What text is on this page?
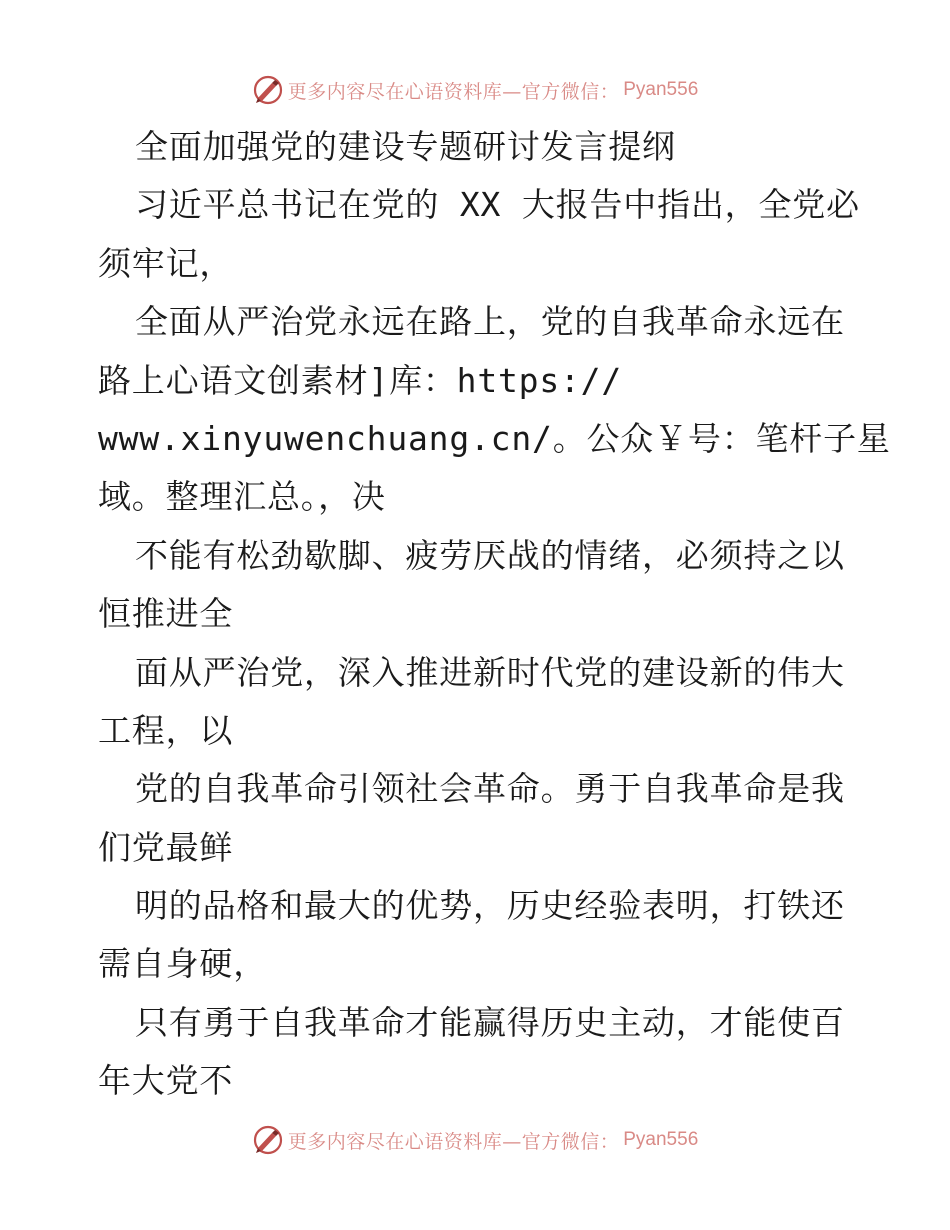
更多内容尽在心语资料库—官方微信： Pyan556
全面加强党的建设专题研讨发言提纲
习近平总书记在党的 XX 大报告中指出，全党必
须牢记，
全面从严治党永远在路上，党的自我革命永远在
路上心语文创素材]库：https://
www.xinyuwenchuang.cn/。公众￥号：笔杆子星
域。整理汇总。，决
不能有松劲歇脚、疲劳厌战的情绪，必须持之以
恒推进全
面从严治党，深入推进新时代党的建设新的伟大
工程，以
党的自我革命引领社会革命。勇于自我革命是我
们党最鲜
明的品格和最大的优势，历史经验表明，打铁还
需自身硬，
只有勇于自我革命才能赢得历史主动，才能使百
年大党不
更多内容尽在心语资料库—官方微信： Pyan556
